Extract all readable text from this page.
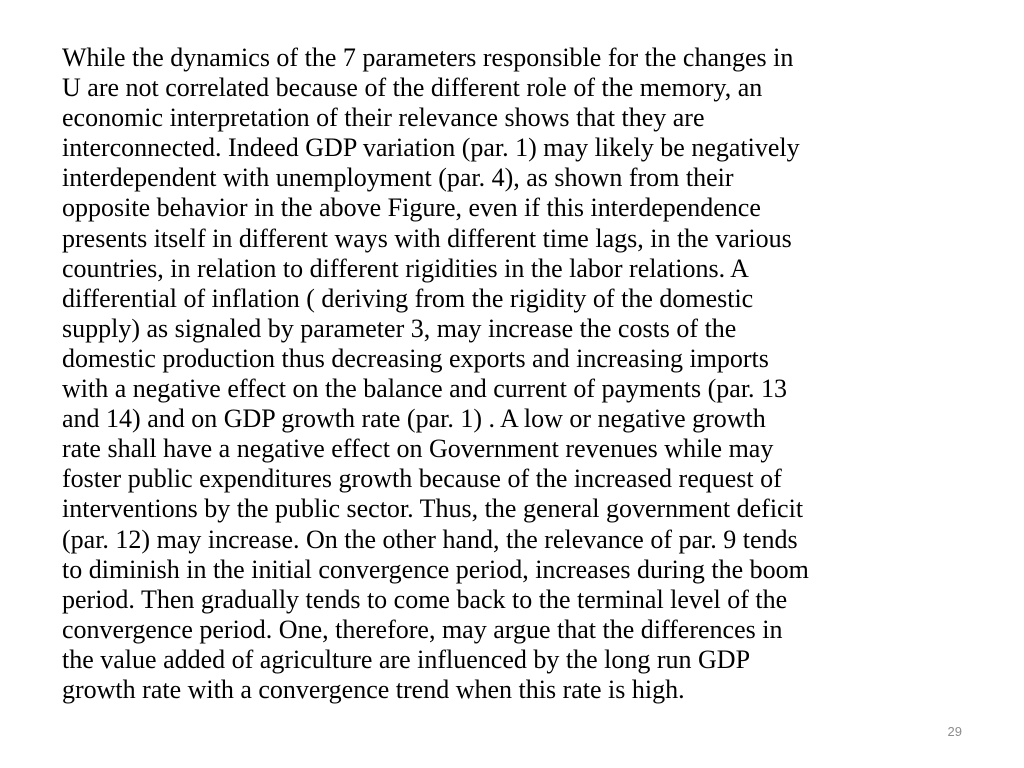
While the dynamics of the 7 parameters responsible for the changes in
U are not correlated because of the different role of the memory, an
economic interpretation of their relevance shows that they are
interconnected. Indeed GDP variation (par. 1) may likely be negatively
interdependent with unemployment (par. 4), as shown from their
opposite behavior in the above Figure, even if this interdependence
presents itself in different ways with different time lags, in the various
countries, in relation to different rigidities in the labor relations. A
differential of inflation ( deriving from the rigidity of the domestic
supply) as signaled by parameter 3, may increase the costs of the
domestic production thus decreasing exports and increasing imports
with a negative effect on the balance and current of payments (par. 13
and 14) and on GDP growth rate (par. 1) . A low or negative growth
rate shall have a negative effect on Government revenues while may
foster public expenditures growth because of the increased request of
interventions by the public sector. Thus, the general government deficit
(par. 12) may increase. On the other hand, the relevance of par. 9 tends
to diminish in the initial convergence period, increases during the boom
period. Then gradually tends to come back to the terminal level of the
convergence period. One, therefore, may argue that the differences in
the value added of agriculture are influenced by the long run GDP
growth rate with a convergence trend when this rate is high.

29
